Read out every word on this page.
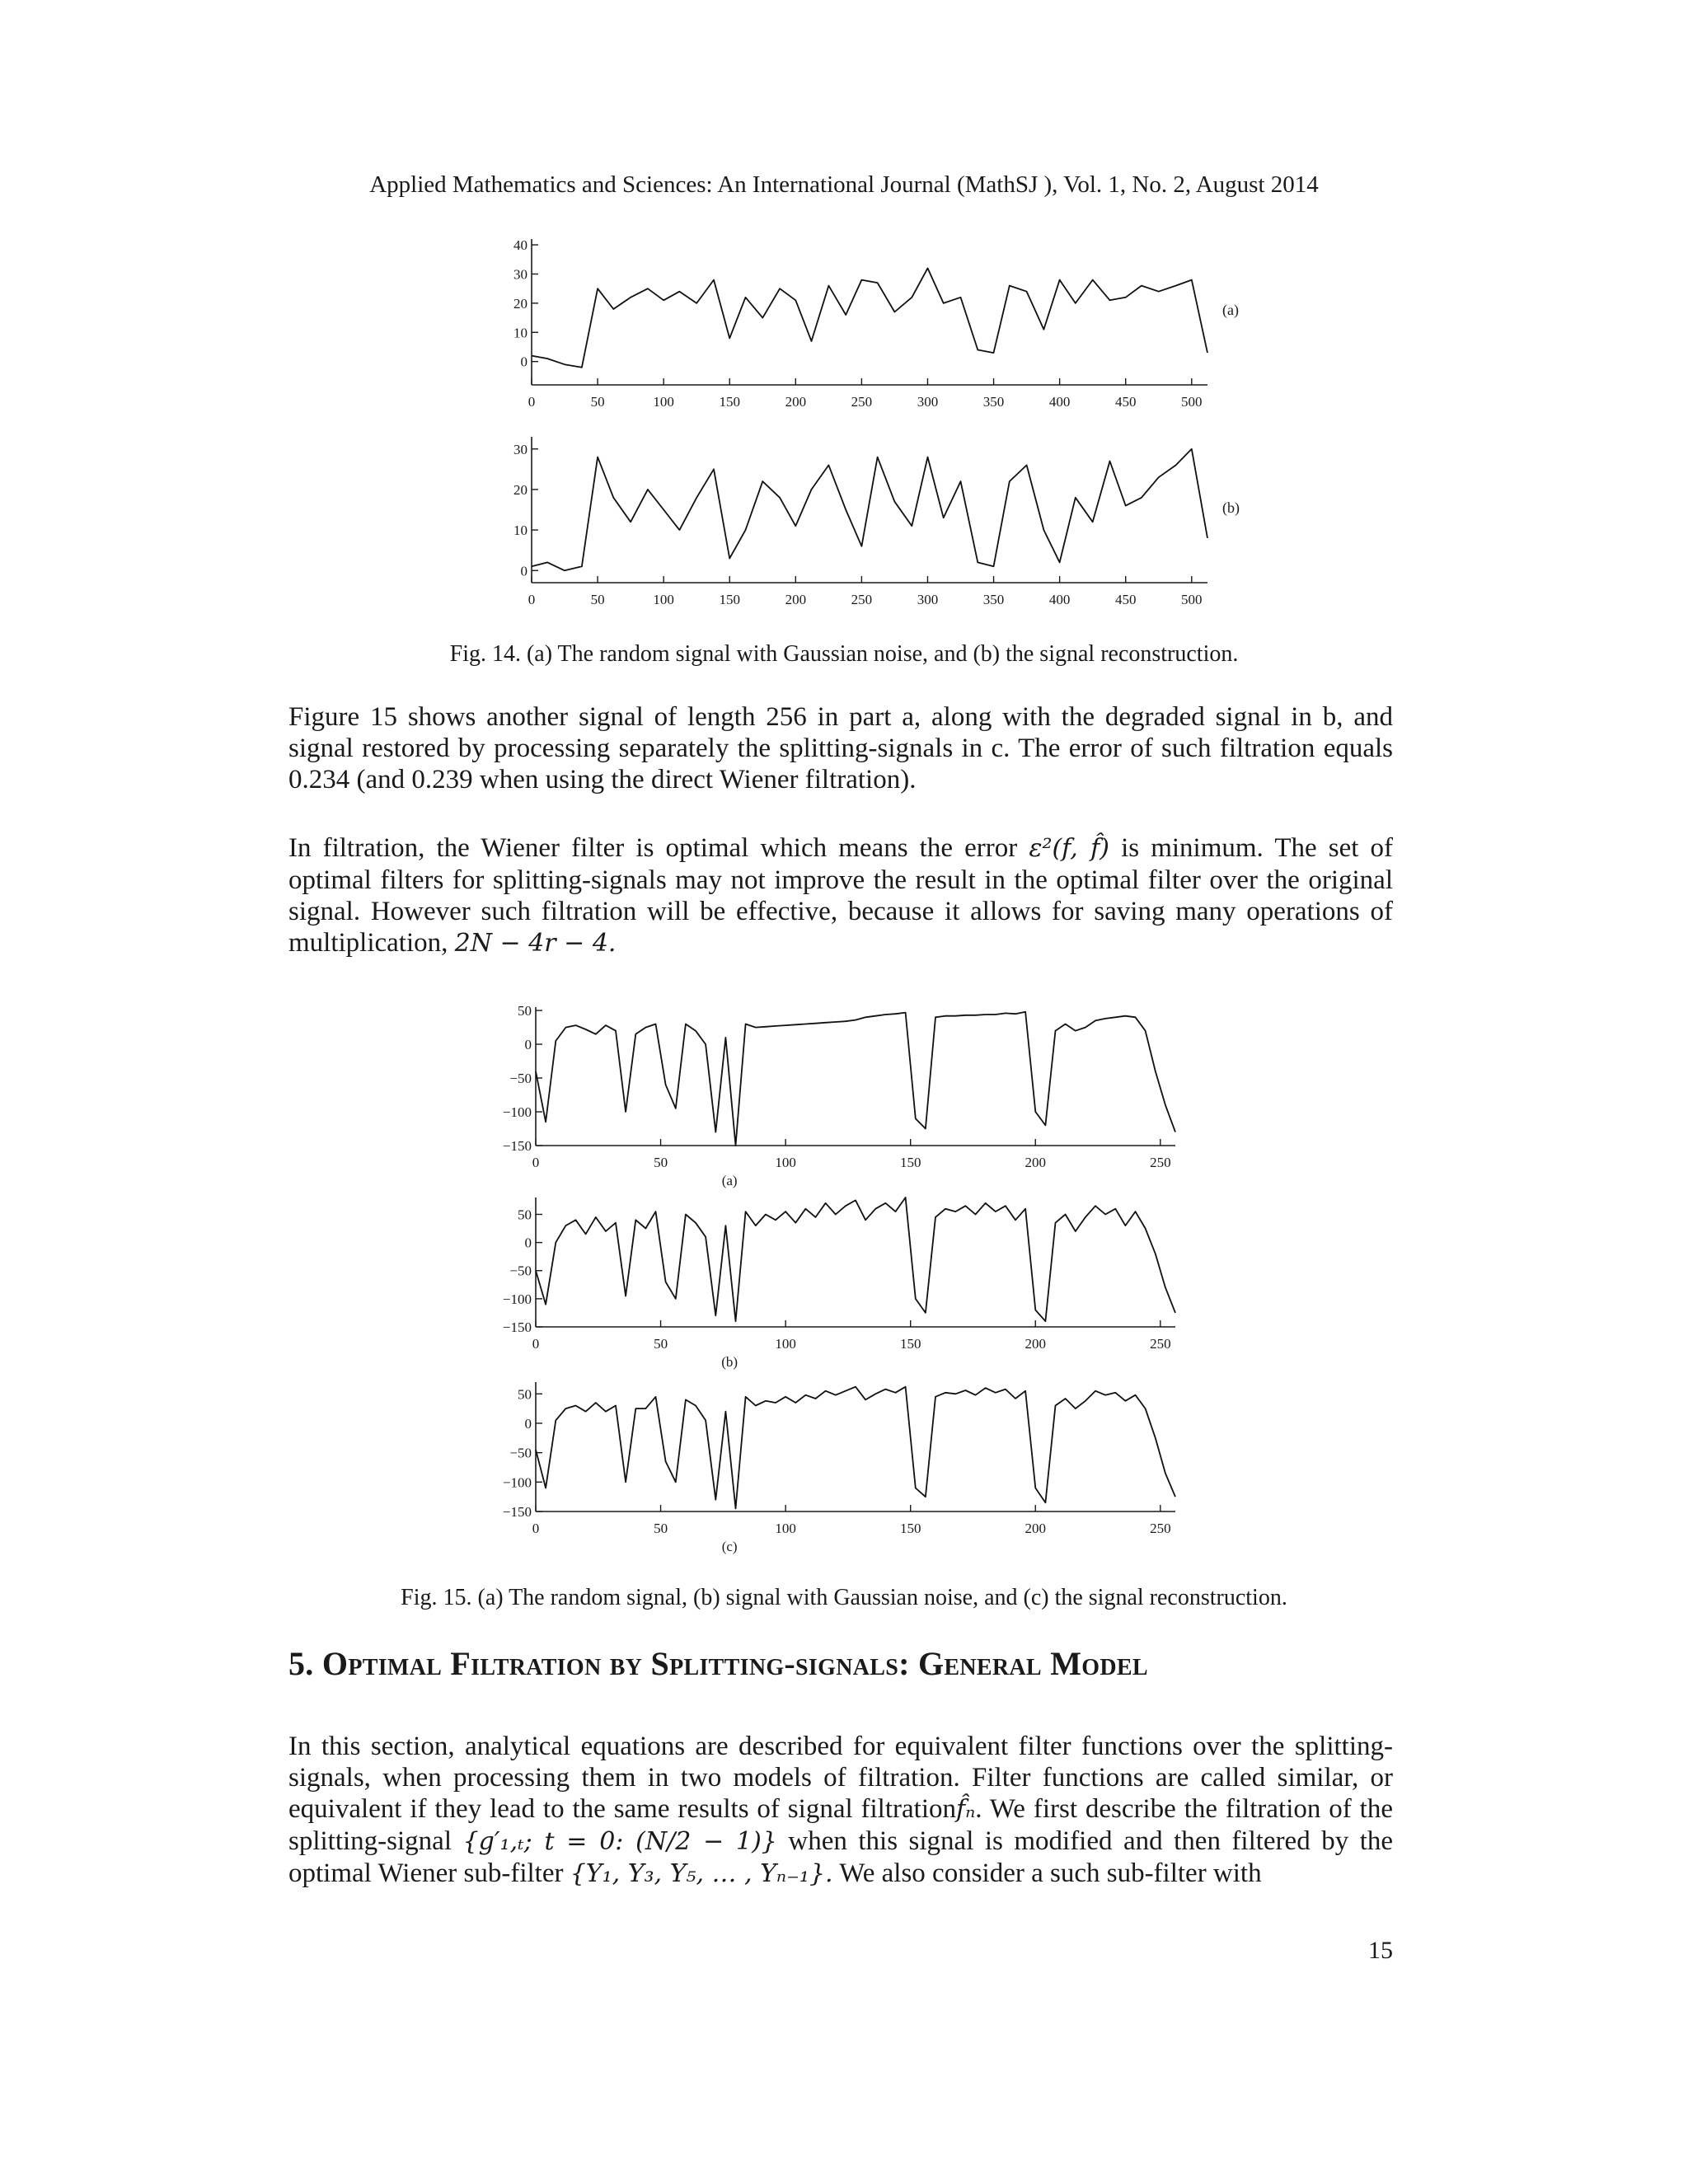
Applied Mathematics and Sciences: An International Journal (MathSJ ), Vol. 1, No. 2, August 2014
0	50	100	150	200	250	300	350	400	450	500
0
10
20
30
40
(a)
0	50	100	150	200	250	300	350	400	450	500
0
10
20
30
(b)
Fig. 14. (a) The random signal with Gaussian noise, and (b) the signal reconstruction.

Figure 15 shows another signal of length 256 in part a, along with the degraded signal in b, and signal restored by processing separately the splitting-signals in c. The error of such filtration equals 0.234 (and 0.239 when using the direct Wiener filtration).

In filtration, the Wiener filter is optimal which means the error ε²(f, f̂) is minimum. The set of optimal filters for splitting-signals may not improve the result in the optimal filter over the original signal. However such filtration will be effective, because it allows for saving many operations of multiplication, 2N − 4r − 4.

0	50	100	150	200	250
50
0
−50
−100
−150
(a)
0	50	100	150	200	250
50
0
−50
−100
−150
(b)
0	50	100	150	200	250
50
0
−50
−100
−150
(c)
Fig. 15. (a) The random signal, (b) signal with Gaussian noise, and (c) the signal reconstruction.
5. Optimal Filtration by Splitting-signals: General Model

In this section, analytical equations are described for equivalent filter functions over the splitting- signals, when processing them in two models of filtration. Filter functions are called similar, or equivalent if they lead to the same results of signal filtrationf̂ₙ. We first describe the filtration of the splitting-signal {g′₁,ₜ; t = 0: (N/2 − 1)} when this signal is modified and then filtered by the optimal Wiener sub-filter {Y₁, Y₃, Y₅, … , Yₙ₋₁}. We also consider a such sub-filter with

15
